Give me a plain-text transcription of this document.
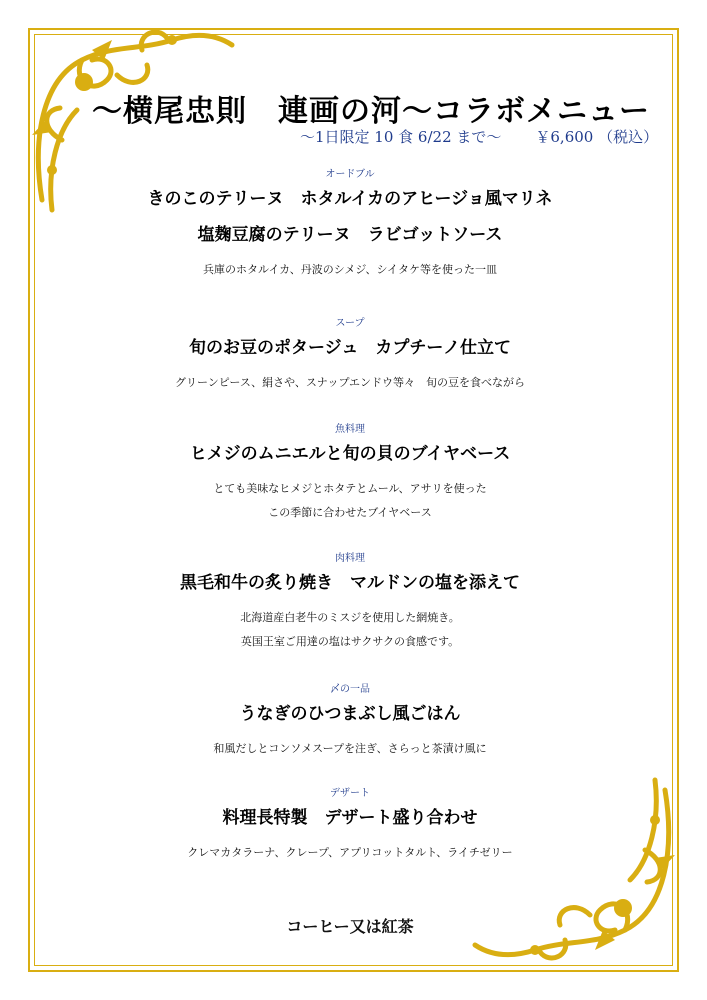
～横尾忠則　連画の河～コラボメニュー
～1日限定 10 食 6/22 まで～ ￥6,600 （税込）
オードブル
きのこのテリーヌ　ホタルイカのアヒージョ風マリネ
塩麹豆腐のテリーヌ　ラビゴットソース
兵庫のホタルイカ、丹波のシメジ、シイタケ等を使った一皿
スープ
旬のお豆のポタージュ　カプチーノ仕立て
グリーンピース、絹さや、スナップエンドウ等々　旬の豆を食べながら
魚料理
ヒメジのムニエルと旬の貝のブイヤベース
とても美味なヒメジとホタテとムール、アサリを使った
この季節に合わせたブイヤベース
肉料理
黒毛和牛の炙り焼き　マルドンの塩を添えて
北海道産白老牛のミスジを使用した網焼き。
英国王室ご用達の塩はサクサクの食感です。
〆の一品
うなぎのひつまぶし風ごはん
和風だしとコンソメスープを注ぎ、さらっと茶漬け風に
デザート
料理長特製　デザート盛り合わせ
クレマカタラーナ、クレープ、アプリコットタルト、ライチゼリー
コーヒー又は紅茶
